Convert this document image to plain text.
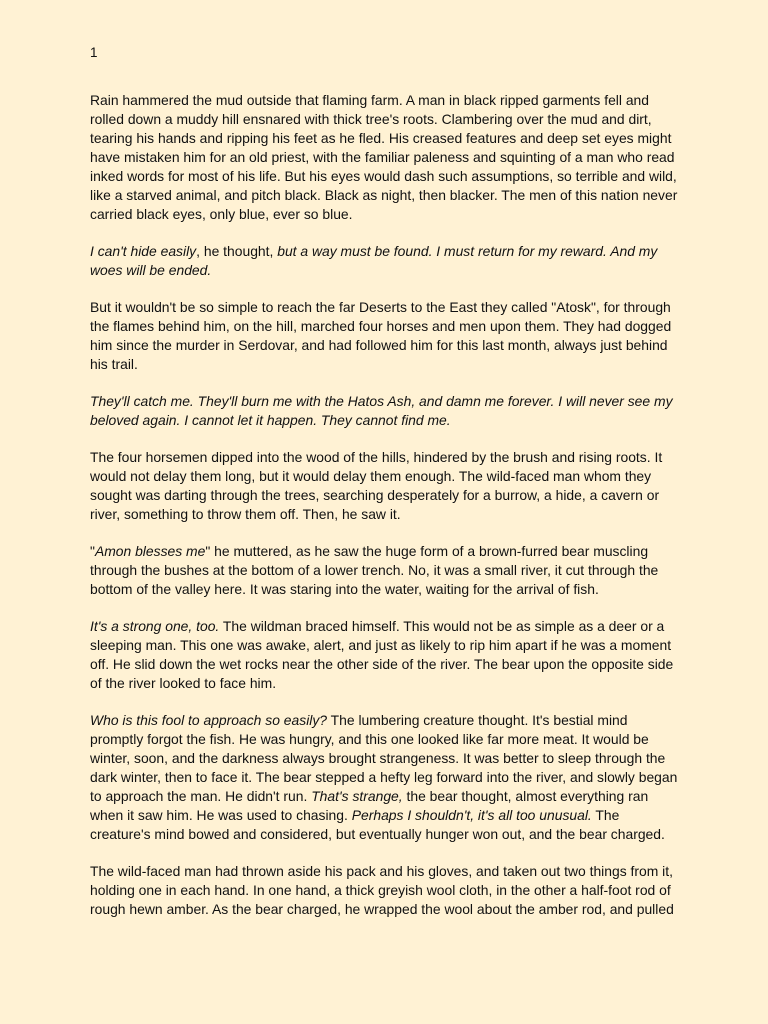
1

Rain hammered the mud outside that flaming farm. A man in black ripped garments fell and rolled down a muddy hill ensnared with thick tree's roots. Clambering over the mud and dirt, tearing his hands and ripping his feet as he fled. His creased features and deep set eyes might have mistaken him for an old priest, with the familiar paleness and squinting of a man who read inked words for most of his life. But his eyes would dash such assumptions, so terrible and wild, like a starved animal, and pitch black. Black as night, then blacker. The men of this nation never carried black eyes, only blue, ever so blue.

I can't hide easily, he thought, but a way must be found. I must return for my reward. And my woes will be ended.

But it wouldn't be so simple to reach the far Deserts to the East they called "Atosk", for through the flames behind him, on the hill, marched four horses and men upon them. They had dogged him since the murder in Serdovar, and had followed him for this last month, always just behind his trail.

They'll catch me. They'll burn me with the Hatos Ash, and damn me forever. I will never see my beloved again. I cannot let it happen. They cannot find me.

The four horsemen dipped into the wood of the hills, hindered by the brush and rising roots. It would not delay them long, but it would delay them enough. The wild-faced man whom they sought was darting through the trees, searching desperately for a burrow, a hide, a cavern or river, something to throw them off. Then, he saw it.

"Amon blesses me" he muttered, as he saw the huge form of a brown-furred bear muscling through the bushes at the bottom of a lower trench. No, it was a small river, it cut through the bottom of the valley here. It was staring into the water, waiting for the arrival of fish.

It's a strong one, too. The wildman braced himself. This would not be as simple as a deer or a sleeping man. This one was awake, alert, and just as likely to rip him apart if he was a moment off. He slid down the wet rocks near the other side of the river. The bear upon the opposite side of the river looked to face him.

Who is this fool to approach so easily? The lumbering creature thought. It's bestial mind promptly forgot the fish. He was hungry, and this one looked like far more meat. It would be winter, soon, and the darkness always brought strangeness. It was better to sleep through the dark winter, then to face it. The bear stepped a hefty leg forward into the river, and slowly began to approach the man. He didn't run. That's strange, the bear thought, almost everything ran when it saw him. He was used to chasing. Perhaps I shouldn't, it's all too unusual. The creature's mind bowed and considered, but eventually hunger won out, and the bear charged.

The wild-faced man had thrown aside his pack and his gloves, and taken out two things from it, holding one in each hand. In one hand, a thick greyish wool cloth, in the other a half-foot rod of rough hewn amber. As the bear charged, he wrapped the wool about the amber rod, and pulled
